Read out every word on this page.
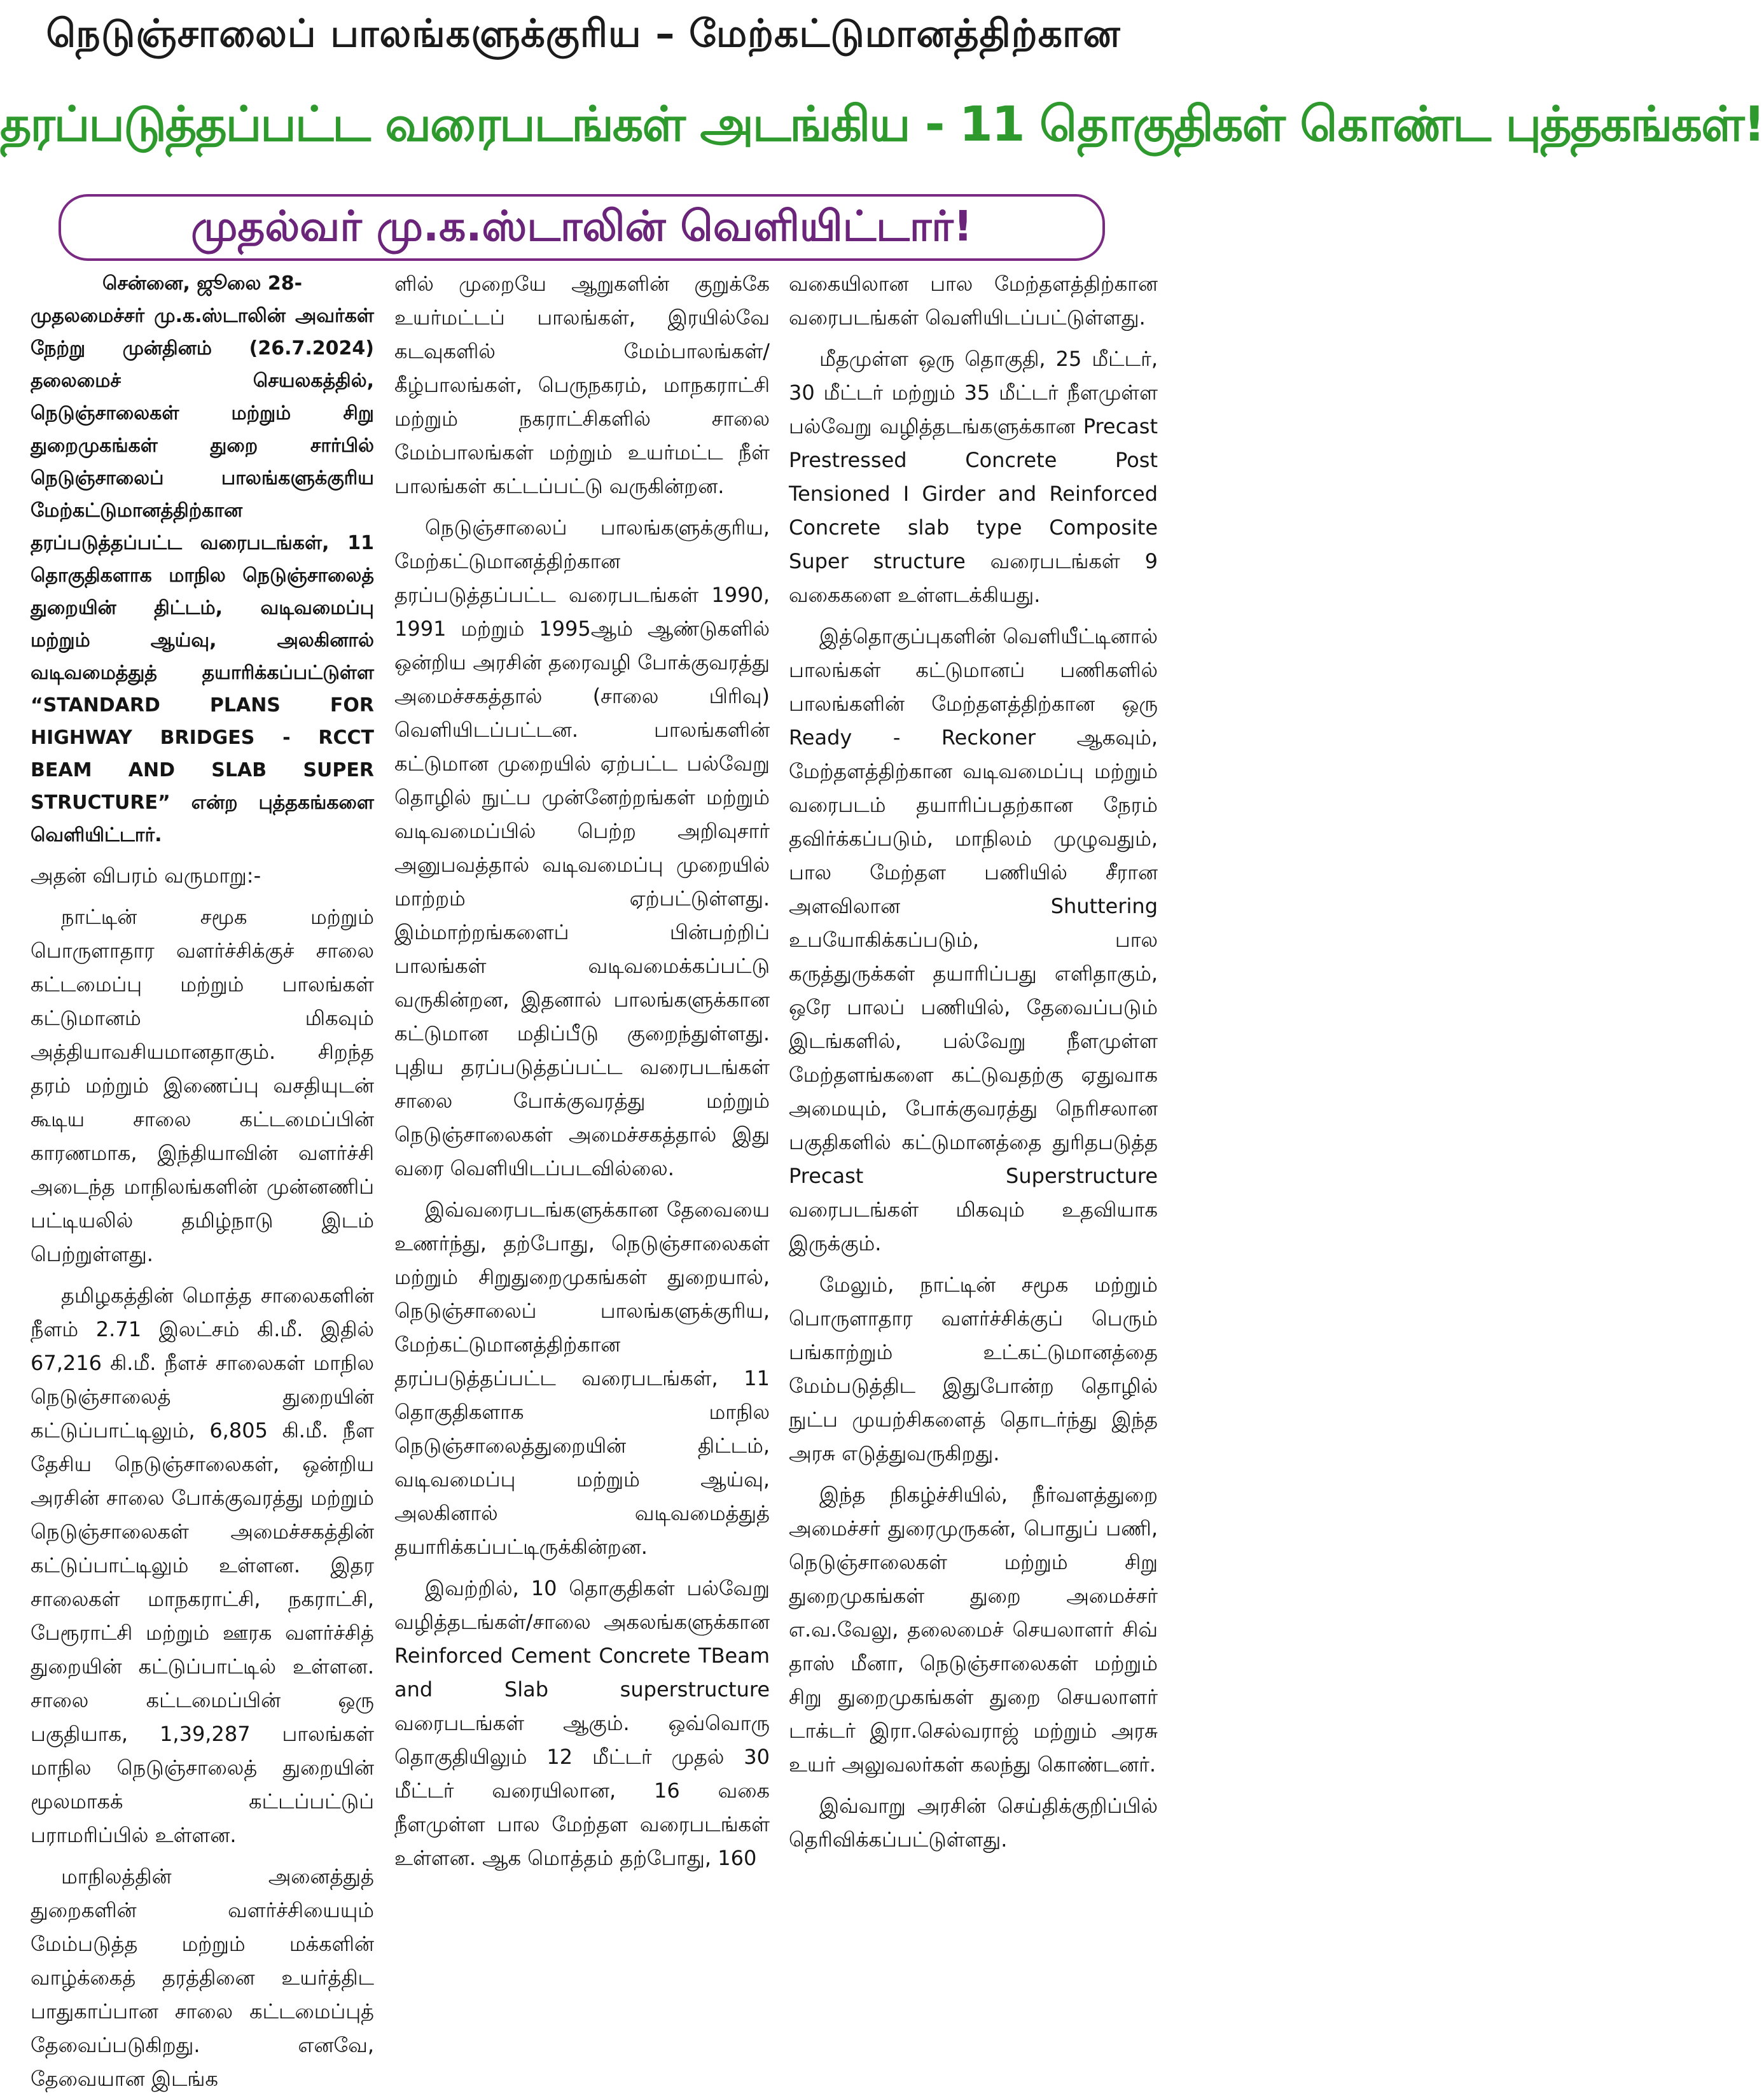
நெடுஞ்சாலைப் பாலங்களுக்குரிய – மேற்கட்டுமானத்திற்கான
தரப்படுத்தப்பட்ட வரைபடங்கள் அடங்கிய - 11 தொகுதிகள் கொண்ட புத்தகங்கள்!
முதல்வர் மு.க.ஸ்டாலின் வெளியிட்டார்!

சென்னை, ஜூலை 28-
முதலமைச்சர் மு.க.ஸ்டாலின் அவர்கள் நேற்று முன்தினம் (26.7.2024) தலைமைச் செயலகத்தில், நெடுஞ்சாலைகள் மற்றும் சிறு துறைமுகங்கள் துறை சார்பில் நெடுஞ்சாலைப் பாலங்களுக்குரிய மேற்கட்டுமானத்திற்கான தரப்படுத்தப்பட்ட வரைபடங்கள், 11 தொகுதிகளாக மாநில நெடுஞ்சாலைத் துறையின் திட்டம், வடிவமைப்பு மற்றும் ஆய்வு, அலகினால் வடிவமைத்துத் தயாரிக்கப்பட்டுள்ள “STANDARD PLANS FOR HIGHWAY BRIDGES - RCCT BEAM AND SLAB SUPER STRUCTURE” என்ற புத்தகங்களை வெளியிட்டார்.

அதன் விபரம் வருமாறு:-

நாட்டின் சமூக மற்றும் பொருளாதார வளர்ச்சிக்குச் சாலை கட்டமைப்பு மற்றும் பாலங்கள் கட்டுமானம் மிகவும் அத்தியாவசியமானதாகும். சிறந்த தரம் மற்றும் இணைப்பு வசதியுடன் கூடிய சாலை கட்டமைப்பின் காரணமாக, இந்தியாவின் வளர்ச்சி அடைந்த மாநிலங்களின் முன்னணிப் பட்டியலில் தமிழ்நாடு இடம் பெற்றுள்ளது.

தமிழகத்தின் மொத்த சாலைகளின் நீளம் 2.71 இலட்சம் கி.மீ. இதில் 67,216 கி.மீ. நீளச் சாலைகள் மாநில நெடுஞ்சாலைத் துறையின் கட்டுப்பாட்டிலும், 6,805 கி.மீ. நீள தேசிய நெடுஞ்சாலைகள், ஒன்றிய அரசின் சாலை போக்குவரத்து மற்றும் நெடுஞ்சாலைகள் அமைச்சகத்தின் கட்டுப்பாட்டிலும் உள்ளன. இதர சாலைகள் மாநகராட்சி, நகராட்சி, பேரூராட்சி மற்றும் ஊரக வளர்ச்சித் துறையின் கட்டுப்பாட்டில் உள்ளன. சாலை கட்டமைப்பின் ஒரு பகுதியாக, 1,39,287 பாலங்கள் மாநில நெடுஞ்சாலைத் துறையின் மூலமாகக் கட்டப்பட்டுப் பராமரிப்பில் உள்ளன.

மாநிலத்தின் அனைத்துத் துறைகளின் வளர்ச்சியையும் மேம்படுத்த மற்றும் மக்களின் வாழ்க்கைத் தரத்தினை உயர்த்திட பாதுகாப்பான சாலை கட்டமைப்புத் தேவைப்படுகிறது. எனவே, தேவையான இடங்க

ளில் முறையே ஆறுகளின் குறுக்கே உயர்மட்டப் பாலங்கள், இரயில்வே கடவுகளில் மேம்பாலங்கள்/ கீழ்பாலங்கள், பெருநகரம், மாநகராட்சி மற்றும் நகராட்சிகளில் சாலை மேம்பாலங்கள் மற்றும் உயர்மட்ட நீள் பாலங்கள் கட்டப்பட்டு வருகின்றன.

நெடுஞ்சாலைப் பாலங்களுக்குரிய, மேற்கட்டுமானத்திற்கான தரப்படுத்தப்பட்ட வரைபடங்கள் 1990, 1991 மற்றும் 1995ஆம் ஆண்டுகளில் ஒன்றிய அரசின் தரைவழி போக்குவரத்து அமைச்சகத்தால் (சாலை பிரிவு) வெளியிடப்பட்டன. பாலங்களின் கட்டுமான முறையில் ஏற்பட்ட பல்வேறு தொழில் நுட்ப முன்னேற்றங்கள் மற்றும் வடிவமைப்பில் பெற்ற அறிவுசார் அனுபவத்தால் வடிவமைப்பு முறையில் மாற்றம் ஏற்பட்டுள்ளது. இம்மாற்றங்களைப் பின்பற்றிப் பாலங்கள் வடிவமைக்கப்பட்டு வருகின்றன, இதனால் பாலங்களுக்கான கட்டுமான மதிப்பீடு குறைந்துள்ளது. புதிய தரப்படுத்தப்பட்ட வரைபடங்கள் சாலை போக்குவரத்து மற்றும் நெடுஞ்சாலைகள் அமைச்சகத்தால் இது வரை வெளியிடப்படவில்லை.

இவ்வரைபடங்களுக்கான தேவையை உணர்ந்து, தற்போது, நெடுஞ்சாலைகள் மற்றும் சிறுதுறைமுகங்கள் துறையால், நெடுஞ்சாலைப் பாலங்களுக்குரிய, மேற்கட்டுமானத்திற்கான தரப்படுத்தப்பட்ட வரைபடங்கள், 11 தொகுதிகளாக மாநில நெடுஞ்சாலைத்துறையின் திட்டம், வடிவமைப்பு மற்றும் ஆய்வு, அலகினால் வடிவமைத்துத் தயாரிக்கப்பட்டிருக்கின்றன.

இவற்றில், 10 தொகுதிகள் பல்வேறு வழித்தடங்கள்/சாலை அகலங்களுக்கான Reinforced Cement Concrete TBeam and Slab superstructure வரைபடங்கள் ஆகும். ஒவ்வொரு தொகுதியிலும் 12 மீட்டர் முதல் 30 மீட்டர் வரையிலான, 16 வகை நீளமுள்ள பால மேற்தள வரைபடங்கள் உள்ளன. ஆக மொத்தம் தற்போது, 160

வகையிலான பால மேற்தளத்திற்கான வரைபடங்கள் வெளியிடப்பட்டுள்ளது.

மீதமுள்ள ஒரு தொகுதி, 25 மீட்டர், 30 மீட்டர் மற்றும் 35 மீட்டர் நீளமுள்ள பல்வேறு வழித்தடங்களுக்கான Precast Prestressed Concrete Post Tensioned I Girder and Reinforced Concrete slab type Composite Super structure வரைபடங்கள் 9 வகைகளை உள்ளடக்கியது.

இத்தொகுப்புகளின் வெளியீட்டினால் பாலங்கள் கட்டுமானப் பணிகளில் பாலங்களின் மேற்தளத்திற்கான ஒரு Ready - Reckoner ஆகவும், மேற்தளத்திற்கான வடிவமைப்பு மற்றும் வரைபடம் தயாரிப்பதற்கான நேரம் தவிர்க்கப்படும், மாநிலம் முழுவதும், பால மேற்தள பணியில் சீரான அளவிலான Shuttering உபயோகிக்கப்படும், பால கருத்துருக்கள் தயாரிப்பது எளிதாகும், ஒரே பாலப் பணியில், தேவைப்படும் இடங்களில், பல்வேறு நீளமுள்ள மேற்தளங்களை கட்டுவதற்கு ஏதுவாக அமையும், போக்குவரத்து நெரிசலான பகுதிகளில் கட்டுமானத்தை துரிதபடுத்த Precast Superstructure வரைபடங்கள் மிகவும் உதவியாக இருக்கும்.

மேலும், நாட்டின் சமூக மற்றும் பொருளாதார வளர்ச்சிக்குப் பெரும் பங்காற்றும் உட்கட்டுமானத்தை மேம்படுத்திட இதுபோன்ற தொழில் நுட்ப முயற்சிகளைத் தொடர்ந்து இந்த அரசு எடுத்துவருகிறது.

இந்த நிகழ்ச்சியில், நீர்வளத்துறை அமைச்சர் துரைமுருகன், பொதுப் பணி, நெடுஞ்சாலைகள் மற்றும் சிறு துறைமுகங்கள் துறை அமைச்சர் எ.வ.வேலு, தலைமைச் செயலாளர் சிவ் தாஸ் மீனா, நெடுஞ்சாலைகள் மற்றும் சிறு துறைமுகங்கள் துறை செயலாளர் டாக்டர் இரா.செல்வராஜ் மற்றும் அரசு உயர் அலுவலர்கள் கலந்து கொண்டனர்.

இவ்வாறு அரசின் செய்திக்குறிப்பில் தெரிவிக்கப்பட்டுள்ளது.
